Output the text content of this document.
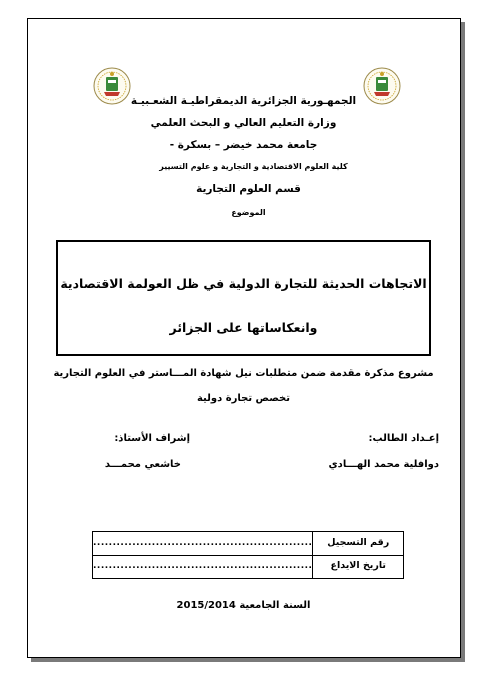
الجمهـورية الجزائرية الديمقراطيـة الشعـبيـة
وزارة التعليم العالي و البحث العلمي
جامعة محمد خيضر – بسكرة -
كلية العلوم الاقتصادية و التجارية و علوم التسيير
قسم العلوم التجارية
الموضوع
الاتجاهات الحديثة للتجارة الدولية في ظل العولمة الاقتصادية
وانعكاساتها على الجزائر
مشروع مذكرة مقدمة ضمن متطلبات نيل شهادة المـــاستر في العلوم التجارية
تخصص تجارة دولية
إعـداد الطالب:
دوافلية محمد الهـــادي
إشراف الأستاذ:
خاشعي محمـــد
رقم التسجيل
........................................................
تاريخ الايداع
........................................................
السنة الجامعية 2015/2014
